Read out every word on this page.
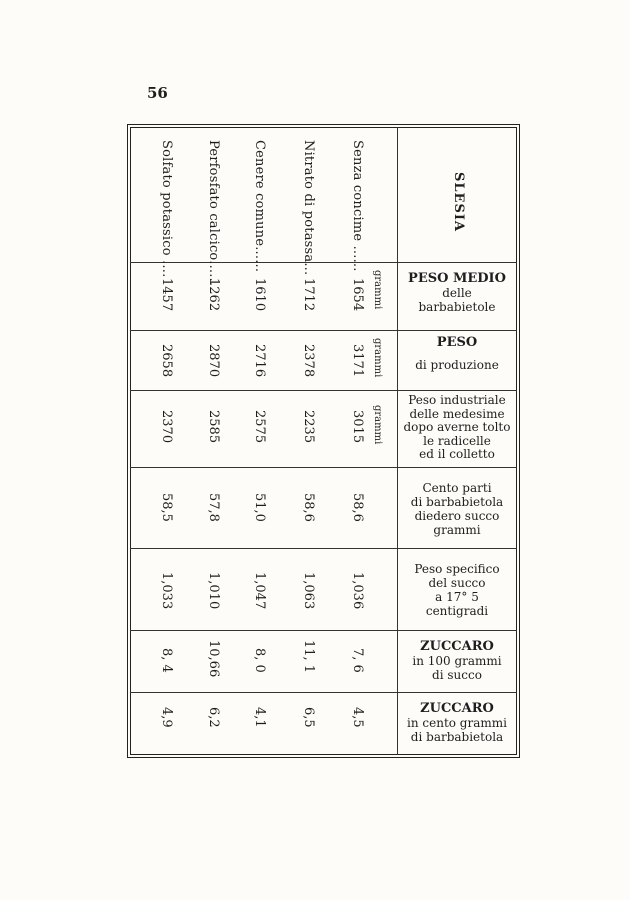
56
SLESIA
Senza concime ......
Nitrato di potassa...
Cenere comune......
Perfosfato calcico......
Solfato potassico ....
grammi
grammi
grammi
1654
1712
1610
1262
1457
3171
2378
2716
2870
2658
3015
2235
2575
2585
2370
58,6
58,6
51,0
57,8
58,5
1,036
1,063
1,047
1,010
1,033
7, 6
11, 1
8, 0
10,66
8, 4
4,5
6,5
4,1
6,2
4,9
PESO MEDIO
delle
barbabietole
PESO
di produzione
Peso industriale
delle medesime
dopo averne tolto
le radicelle
ed il colletto
Cento parti
di barbabietola
diedero succo
grammi
Peso specifico
del succo
a 17° 5
centigradi
ZUCCARO
in 100 grammi
di succo
ZUCCARO
in cento grammi
di barbabietola
